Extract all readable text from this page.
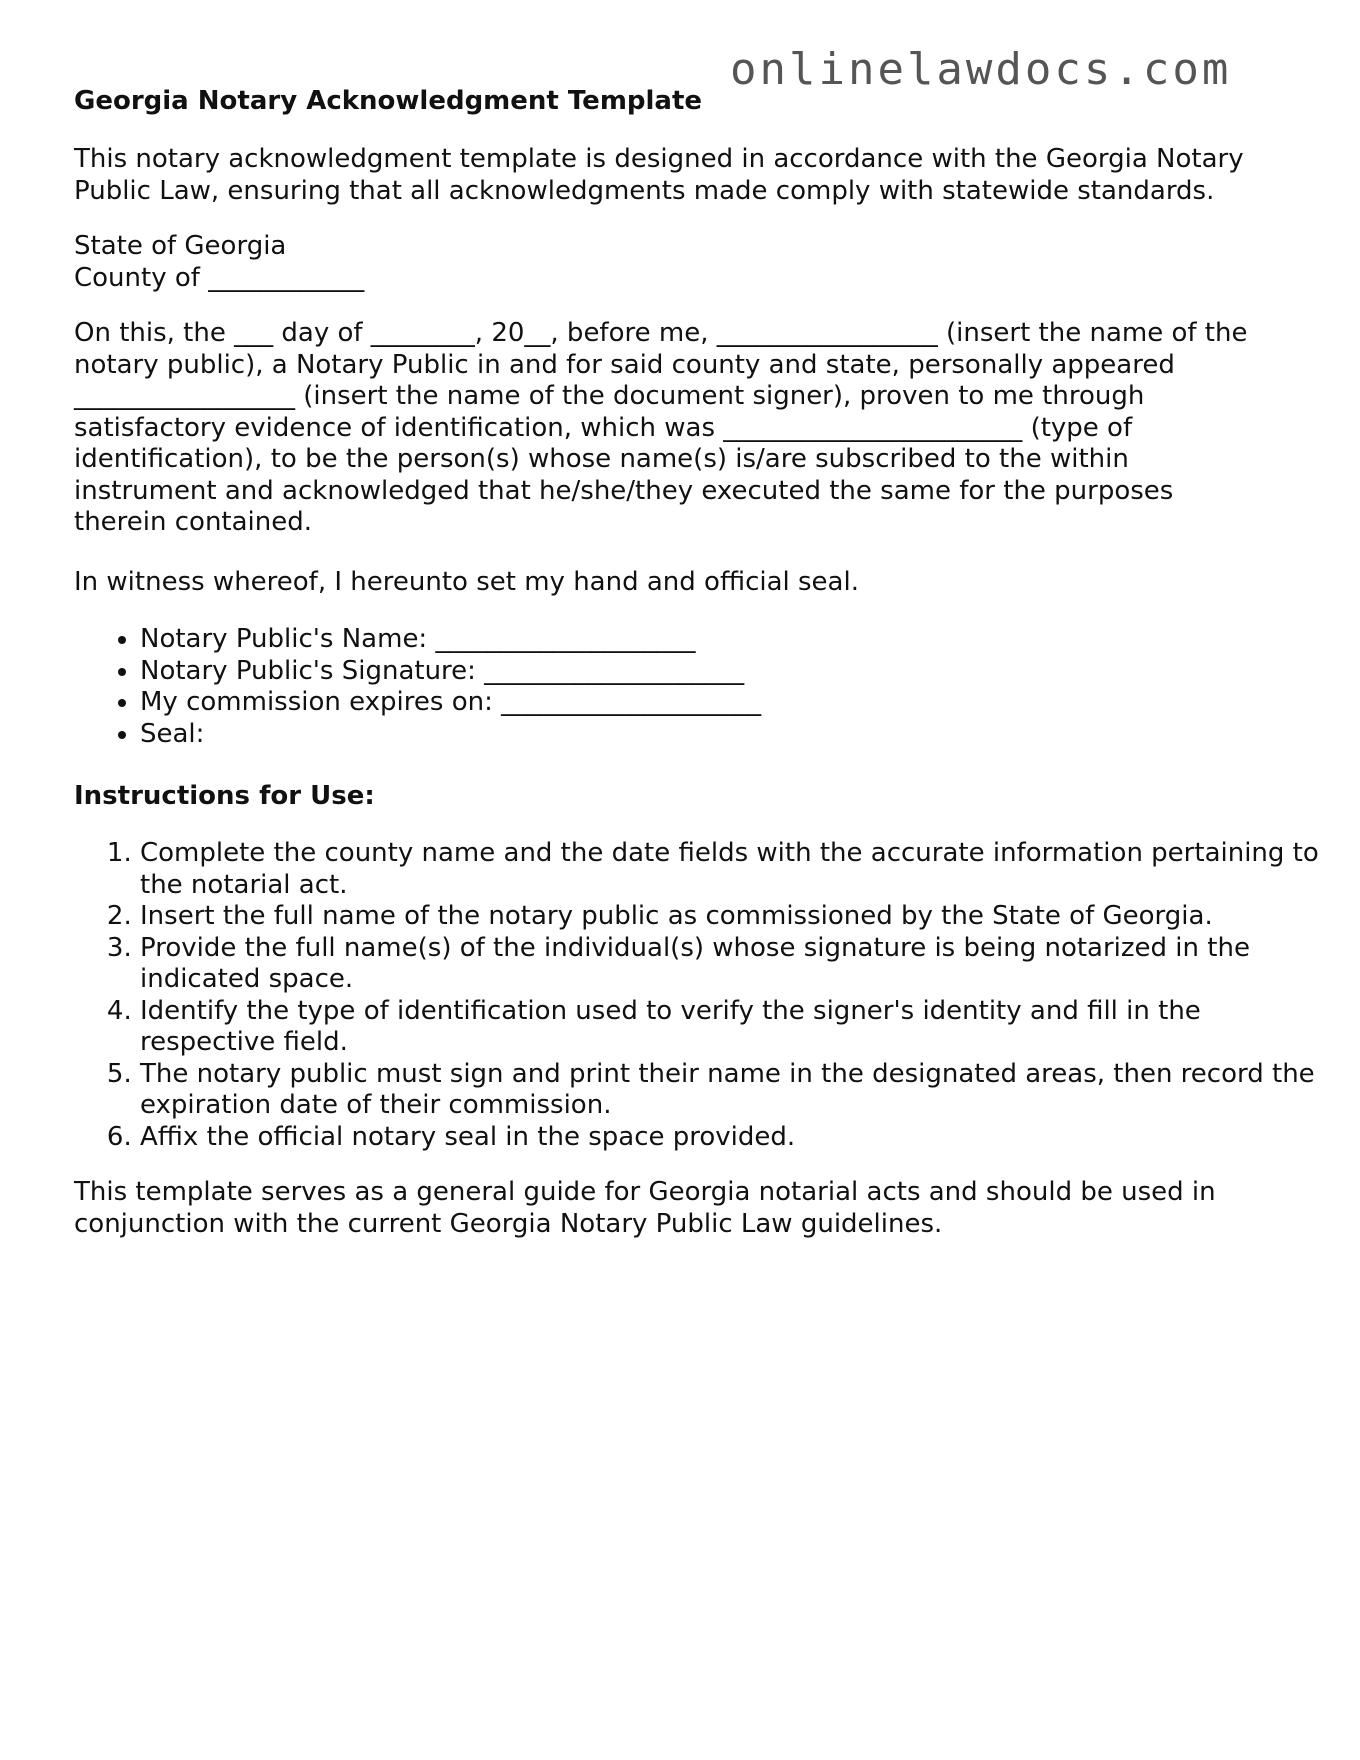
onlinelawdocs.com
Georgia Notary Acknowledgment Template

This notary acknowledgment template is designed in accordance with the Georgia Notary Public Law, ensuring that all acknowledgments made comply with statewide standards.

State of Georgia
County of ____________

On this, the ___ day of ________, 20__, before me, _________________ (insert the name of the notary public), a Notary Public in and for said county and state, personally appeared _________________ (insert the name of the document signer), proven to me through satisfactory evidence of identification, which was _______________________ (type of identification), to be the person(s) whose name(s) is/are subscribed to the within instrument and acknowledged that he/she/they executed the same for the purposes therein contained.

In witness whereof, I hereunto set my hand and official seal.

• Notary Public's Name: ____________________
• Notary Public's Signature: ____________________
• My commission expires on: ____________________
• Seal:
Instructions for Use:
1. Complete the county name and the date fields with the accurate information pertaining to the notarial act.
2. Insert the full name of the notary public as commissioned by the State of Georgia.
3. Provide the full name(s) of the individual(s) whose signature is being notarized in the indicated space.
4. Identify the type of identification used to verify the signer's identity and fill in the respective field.
5. The notary public must sign and print their name in the designated areas, then record the expiration date of their commission.
6. Affix the official notary seal in the space provided.

This template serves as a general guide for Georgia notarial acts and should be used in conjunction with the current Georgia Notary Public Law guidelines.
